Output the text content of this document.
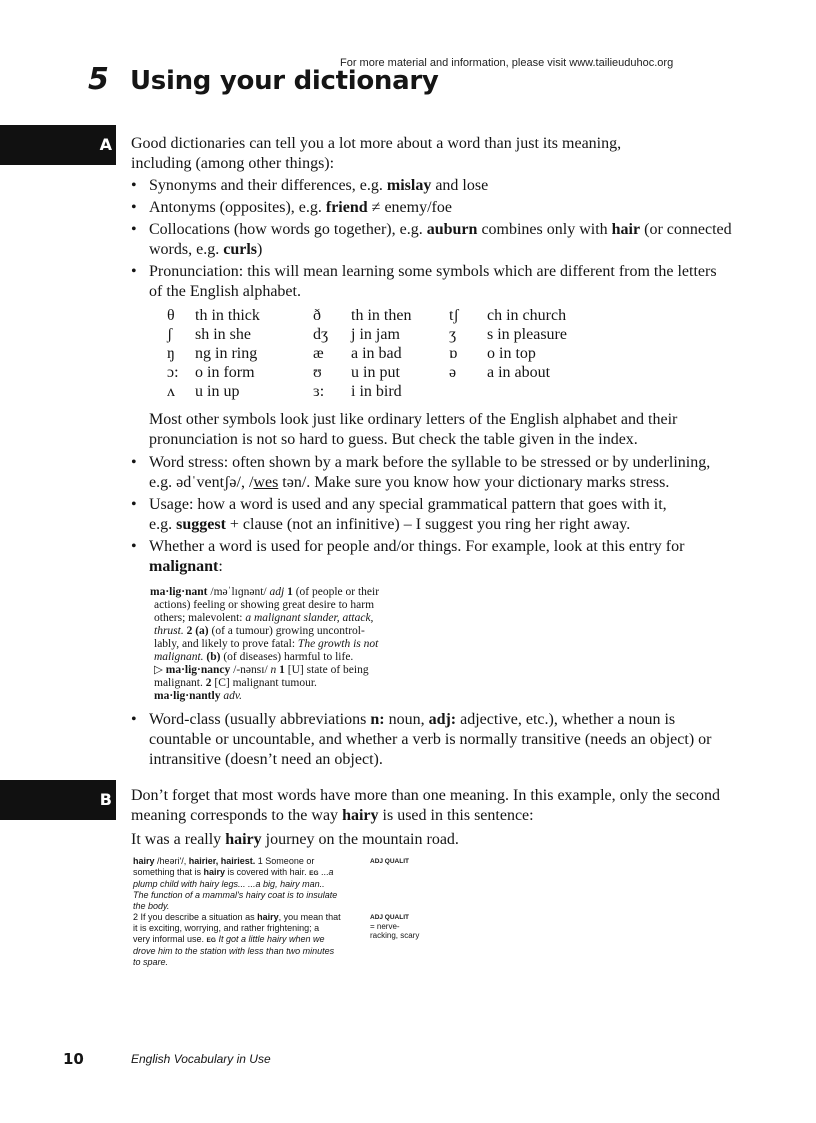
For more material and information, please visit www.tailieuduhoc.org
5 Using your dictionary
A Good dictionaries can tell you a lot more about a word than just its meaning,
including (among other things):
• Synonyms and their differences, e.g. mislay and lose
• Antonyms (opposites), e.g. friend ≠ enemy/foe
• Collocations (how words go together), e.g. auburn combines only with hair (or connected
words, e.g. curls)
• Pronunciation: this will mean learning some symbols which are different from the letters
of the English alphabet.
θ	th in thick	ð	th in then	tʃ	ch in church
ʃ	sh in she	dʒ	j in jam	ʒ	s in pleasure
ŋ	ng in ring	æ	a in bad	ɒ	o in top
ɔ:	o in form	ʊ	u in put	ə	a in about
ʌ	u in up	ɜ:	i in bird		
Most other symbols look just like ordinary letters of the English alphabet and their
pronunciation is not so hard to guess. But check the table given in the index.
• Word stress: often shown by a mark before the syllable to be stressed or by underlining,
e.g. ədˈventʃə/, /wes tən/. Make sure you know how your dictionary marks stress.
• Usage: how a word is used and any special grammatical pattern that goes with it,
e.g. suggest + clause (not an infinitive) – I suggest you ring her right away.
• Whether a word is used for people and/or things. For example, look at this entry for
malignant:
ma·lig·nant /məˈlɪɡnənt/ adj 1 (of people or their
actions) feeling or showing great desire to harm
others; malevolent: a malignant slander, attack,
thrust. 2 (a) (of a tumour) growing uncontrol-
lably, and likely to prove fatal: The growth is not
malignant. (b) (of diseases) harmful to life.
▷ ma·lig·nancy /-nənsɪ/ n 1 [U] state of being
malignant. 2 [C] malignant tumour.
ma·lig·nantly adv.
• Word-class (usually abbreviations n: noun, adj: adjective, etc.), whether a noun is
countable or uncountable, and whether a verb is normally transitive (needs an object) or
intransitive (doesn’t need an object).
B Don’t forget that most words have more than one meaning. In this example, only the second
meaning corresponds to the way hairy is used in this sentence:
It was a really hairy journey on the mountain road.
hairy /heəriʹ/, hairier, hairiest. 1 Someone or
something that is hairy is covered with hair. EG ...a
plump child with hairy legs... ...a big, hairy man..
The function of a mammal's hairy coat is to insulate
the body.
2 If you describe a situation as hairy, you mean that
it is exciting, worrying, and rather frightening; a
very informal use. EG It got a little hairy when we
drove him to the station with less than two minutes
to spare.
ADJ QUALIT
ADJ QUALIT
= nerve-
racking, scary
10	English Vocabulary in Use
